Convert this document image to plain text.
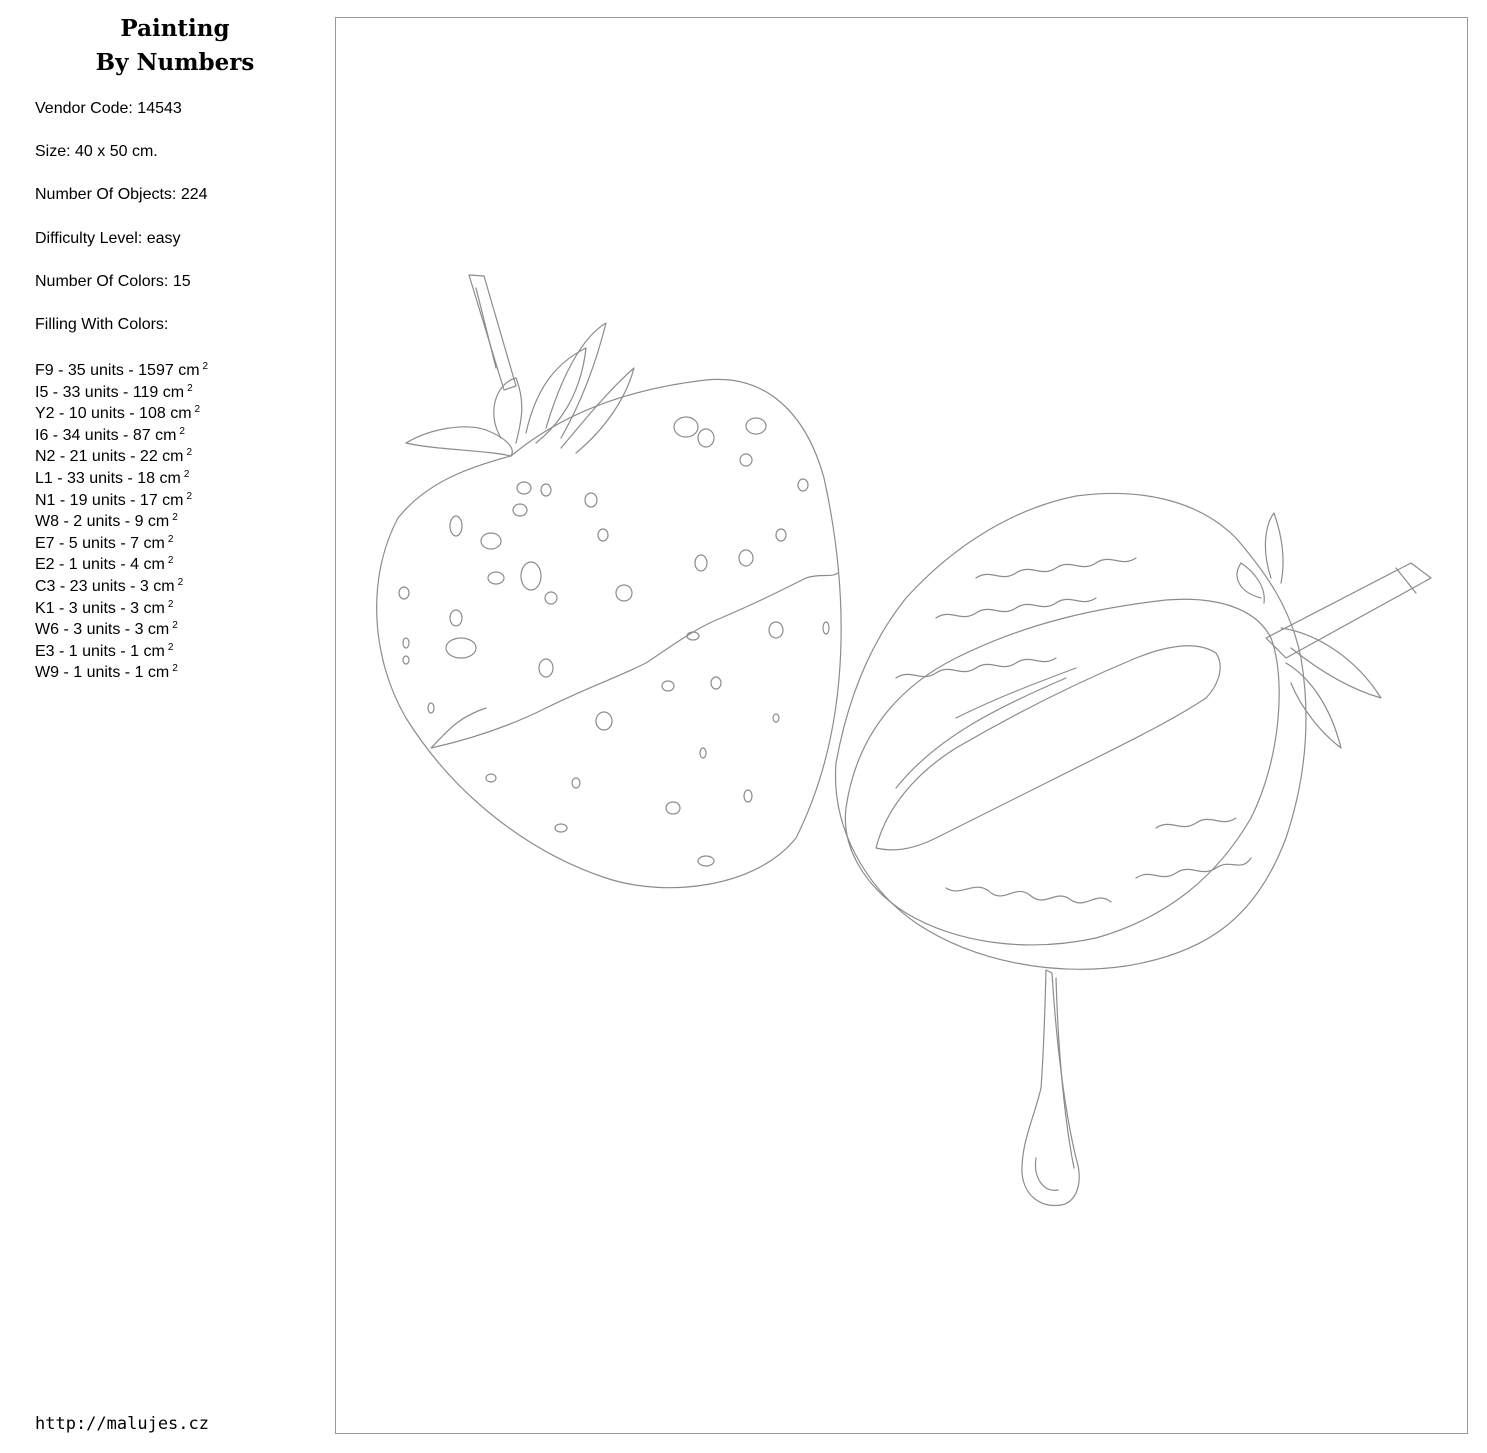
Painting
By Numbers
Vendor Code: 14543
Size: 40 x 50 cm.
Number Of Objects: 224
Difficulty Level: easy
Number Of Colors: 15
Filling With Colors:
F9 - 35 units - 1597 cm $^2$
I5 - 33 units - 119 cm $^2$
Y2 - 10 units - 108 cm $^2$
I6 - 34 units - 87 cm $^2$
N2 - 21 units - 22 cm $^2$
L1 - 33 units - 18 cm $^2$
N1 - 19 units - 17 cm $^2$
W8 - 2 units - 9 cm $^2$
E7 - 5 units - 7 cm $^2$
E2 - 1 units - 4 cm $^2$
C3 - 23 units - 3 cm $^2$
K1 - 3 units - 3 cm $^2$
W6 - 3 units - 3 cm $^2$
E3 - 1 units - 1 cm $^2$
W9 - 1 units - 1 cm $^2$
http://malujes.cz
